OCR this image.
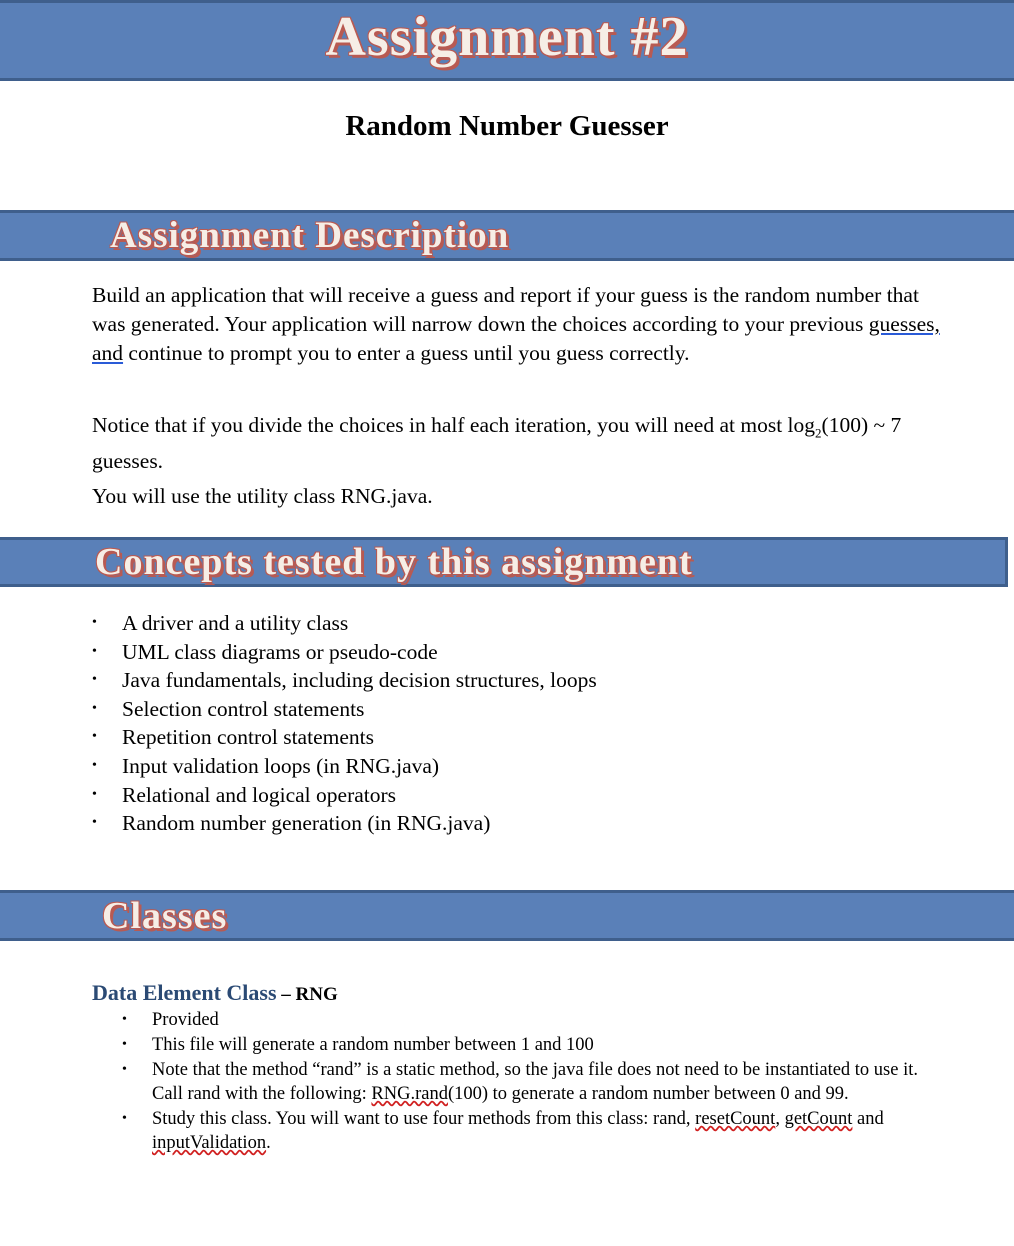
Assignment #2
Random Number Guesser
Assignment Description
Build an application that will receive a guess and report if your guess is the random number that was generated. Your application will narrow down the choices according to your previous guesses, and continue to prompt you to enter a guess until you guess correctly.
Notice that if you divide the choices in half each iteration, you will need at most $\log_2(100)$ ~ 7 guesses.
You will use the utility class RNG.java.
Concepts tested by this assignment
• A driver and a utility class
• UML class diagrams or pseudo-code
• Java fundamentals, including decision structures, loops
• Selection control statements
• Repetition control statements
• Input validation loops (in RNG.java)
• Relational and logical operators
• Random number generation (in RNG.java)
Classes
Data Element Class – RNG
• Provided
• This file will generate a random number between 1 and 100
• Note that the method “rand” is a static method, so the java file does not need to be instantiated to use it. Call rand with the following: RNG.rand(100) to generate a random number between 0 and 99.
• Study this class. You will want to use four methods from this class: rand, resetCount, getCount and inputValidation.
